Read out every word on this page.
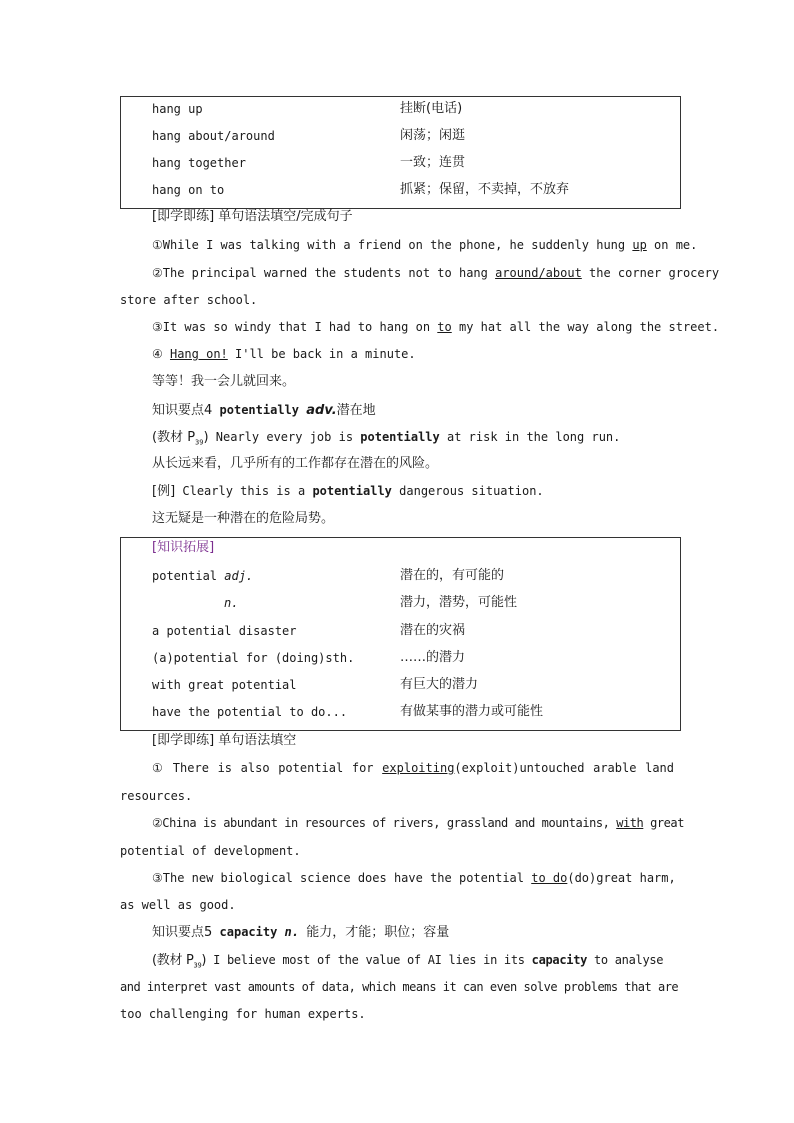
hang up	挂断(电话)
hang about/around	闲荡；闲逛
hang together	一致；连贯
hang on to	抓紧；保留，不卖掉，不放弃
[即学即练] 单句语法填空/完成句子
①While I was talking with a friend on the phone, he suddenly hung up on me.
②The principal warned the students not to hang around/about the corner grocery
store after school.
③It was so windy that I had to hang on to my hat all the way along the street.
④ Hang on! I'll be back in a minute.
等等！我一会儿就回来。
知识要点4 potentially adv.潜在地
(教材 $P_{39}$) Nearly every job is potentially at risk in the long run.
从长远来看，几乎所有的工作都存在潜在的风险。
[例] Clearly this is a potentially dangerous situation.
这无疑是一种潜在的危险局势。
[知识拓展]
potential adj.	潜在的，有可能的
n.	潜力，潜势，可能性
a potential disaster	潜在的灾祸
(a)potential for (doing)sth.	……的潜力
with great potential	有巨大的潜力
have the potential to do...	有做某事的潜力或可能性
[即学即练] 单句语法填空
① There is also potential for exploiting(exploit)untouched arable land
resources.
②China is abundant in resources of rivers, grassland and mountains, with great
potential of development.
③The new biological science does have the potential to do(do)great harm,
as well as good.
知识要点5 capacity n. 能力，才能；职位；容量
(教材 $P_{39}$) I believe most of the value of AI lies in its capacity to analyse
and interpret vast amounts of data, which means it can even solve problems that are
too challenging for human experts.
